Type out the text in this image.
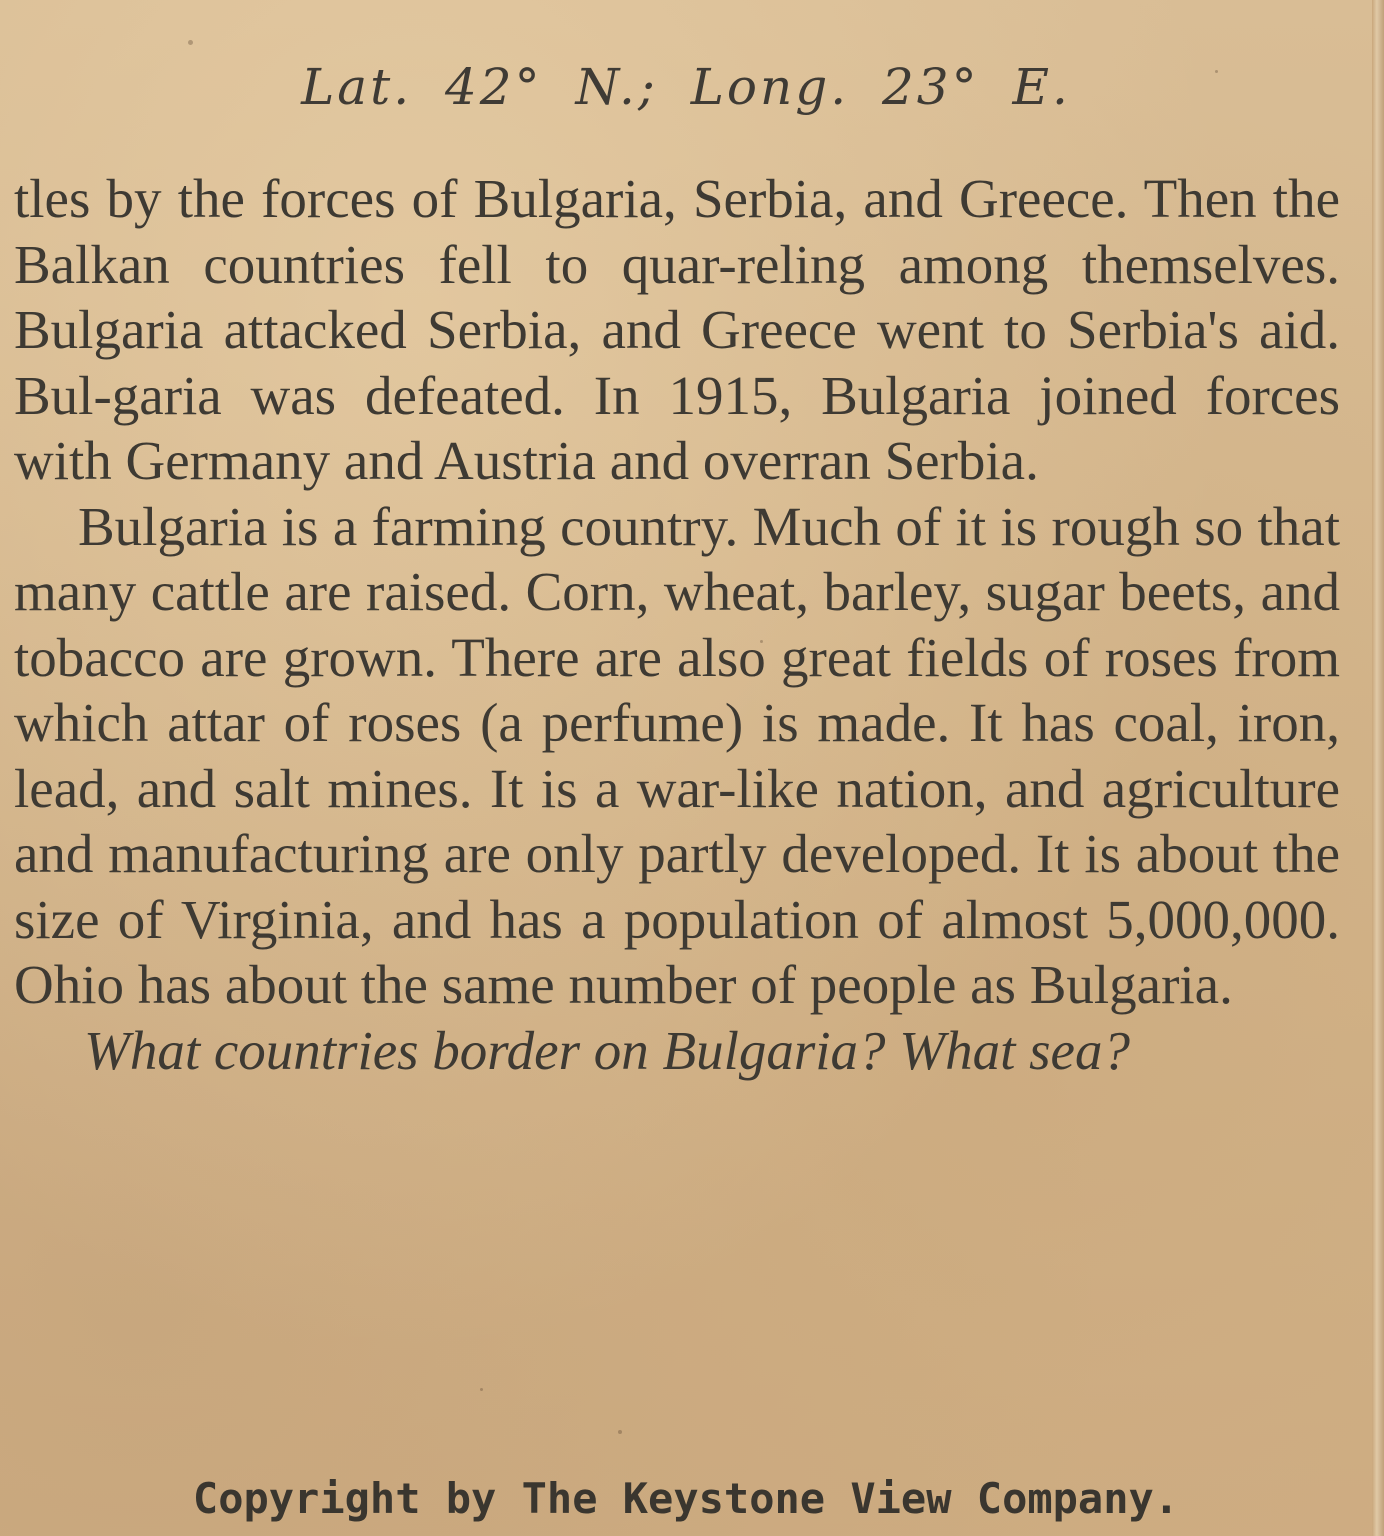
Lat. 42° N.; Long. 23° E.

tles by the forces of Bulgaria, Serbia, and Greece. Then the Balkan countries fell to quar-reling among themselves. Bulgaria attacked Serbia, and Greece went to Serbia's aid. Bul-garia was defeated. In 1915, Bulgaria joined forces with Germany and Austria and overran Serbia.

Bulgaria is a farming country. Much of it is rough so that many cattle are raised. Corn, wheat, barley, sugar beets, and tobacco are grown. There are also great fields of roses from which attar of roses (a perfume) is made. It has coal, iron, lead, and salt mines. It is a war-like nation, and agriculture and manufacturing are only partly developed. It is about the size of Virginia, and has a population of almost 5,000,000. Ohio has about the same number of people as Bulgaria.

What countries border on Bulgaria? What sea?

Copyright by The Keystone View Company.
